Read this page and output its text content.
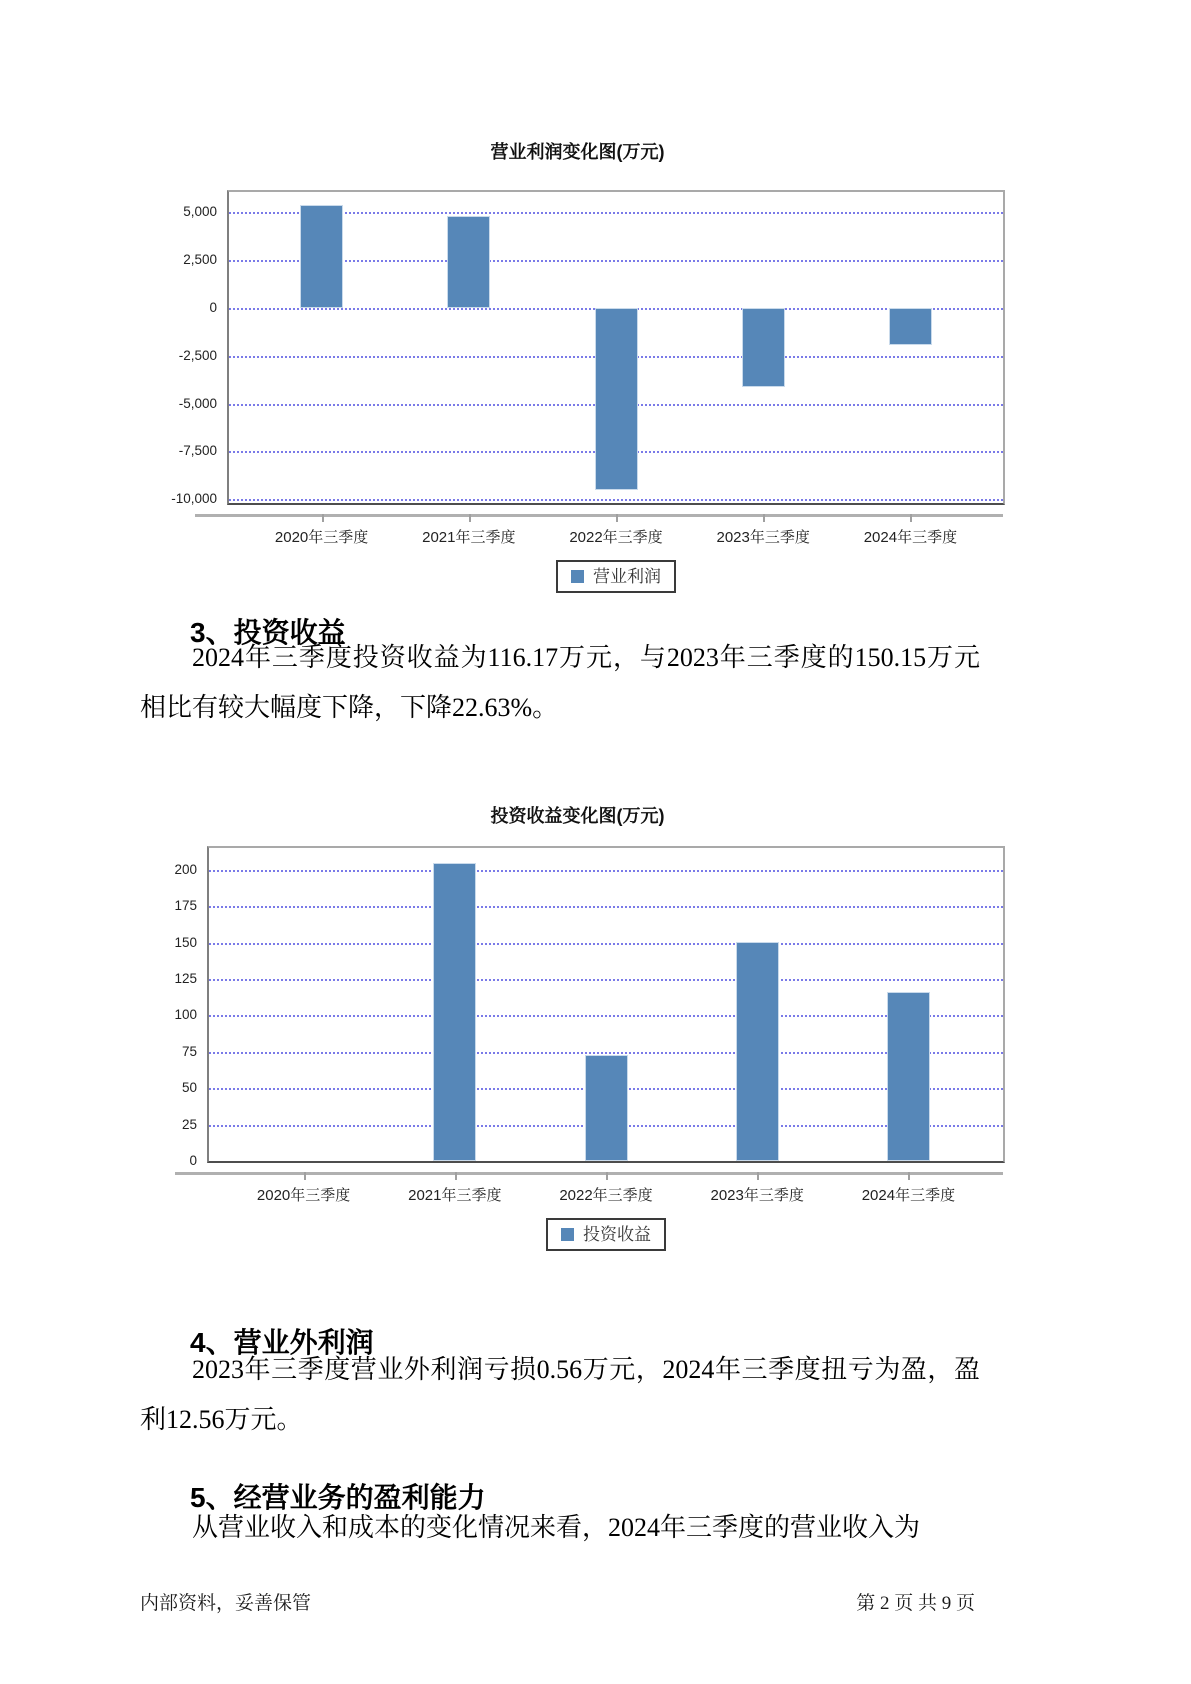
营业利润变化图(万元)
5,000
2,500
0
-2,500
-5,000
-7,500
-10,000
2020年三季度	2021年三季度	2022年三季度	2023年三季度	2024年三季度
营业利润
3、投资收益

2024年三季度投资收益为116.17万元，与2023年三季度的150.15万元相比有较大幅度下降，下降22.63%。

投资收益变化图(万元)
200
175
150
125
100
75
50
25
0
2020年三季度	2021年三季度	2022年三季度	2023年三季度	2024年三季度
投资收益
4、营业外利润

2023年三季度营业外利润亏损0.56万元，2024年三季度扭亏为盈，盈利12.56万元。

5、经营业务的盈利能力

从营业收入和成本的变化情况来看，2024年三季度的营业收入为

内部资料，妥善保管	第 2 页 共 9 页
